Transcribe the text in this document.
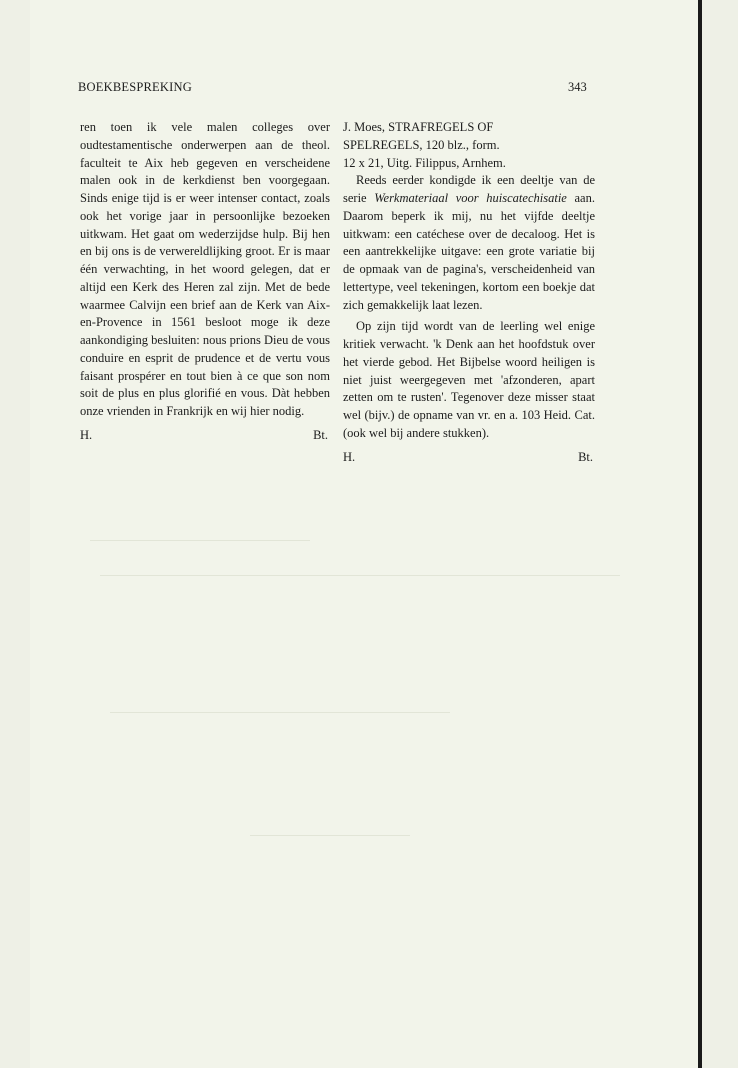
BOEKBESPREKING	343

ren toen ik vele malen colleges over oudtestamentische onderwerpen aan de theol. faculteit te Aix heb gegeven en verscheidene malen ook in de kerkdienst ben voorgegaan. Sinds enige tijd is er weer intenser contact, zoals ook het vorige jaar in persoonlijke bezoeken uitkwam. Het gaat om wederzijdse hulp. Bij hen en bij ons is de verwereldlijking groot. Er is maar één verwachting, in het woord gelegen, dat er altijd een Kerk des Heren zal zijn. Met de bede waarmee Calvijn een brief aan de Kerk van Aix-en-Provence in 1561 besloot moge ik deze aankondiging besluiten: nous prions Dieu de vous conduire en esprit de prudence et de vertu vous faisant prospérer en tout bien à ce que son nom soit de plus en plus glorifié en vous. Dàt hebben onze vrienden in Frankrijk en wij hier nodig.

H.	Bt.

J. Moes, STRAFREGELS OF
SPELREGELS, 120 blz., form.
12 x 21, Uitg. Filippus, Arnhem.

Reeds eerder kondigde ik een deeltje van de serie Werkmateriaal voor huiscatechisatie aan. Daarom beperk ik mij, nu het vijfde deeltje uitkwam: een catéchese over de decaloog. Het is een aantrekkelijke uitgave: een grote variatie bij de opmaak van de pagina's, verscheidenheid van lettertype, veel tekeningen, kortom een boekje dat zich gemakkelijk laat lezen.

Op zijn tijd wordt van de leerling wel enige kritiek verwacht. 'k Denk aan het hoofdstuk over het vierde gebod. Het Bijbelse woord heiligen is niet juist weergegeven met 'afzonderen, apart zetten om te rusten'. Tegenover deze misser staat wel (bijv.) de opname van vr. en a. 103 Heid. Cat. (ook wel bij andere stukken).

H.	Bt.
